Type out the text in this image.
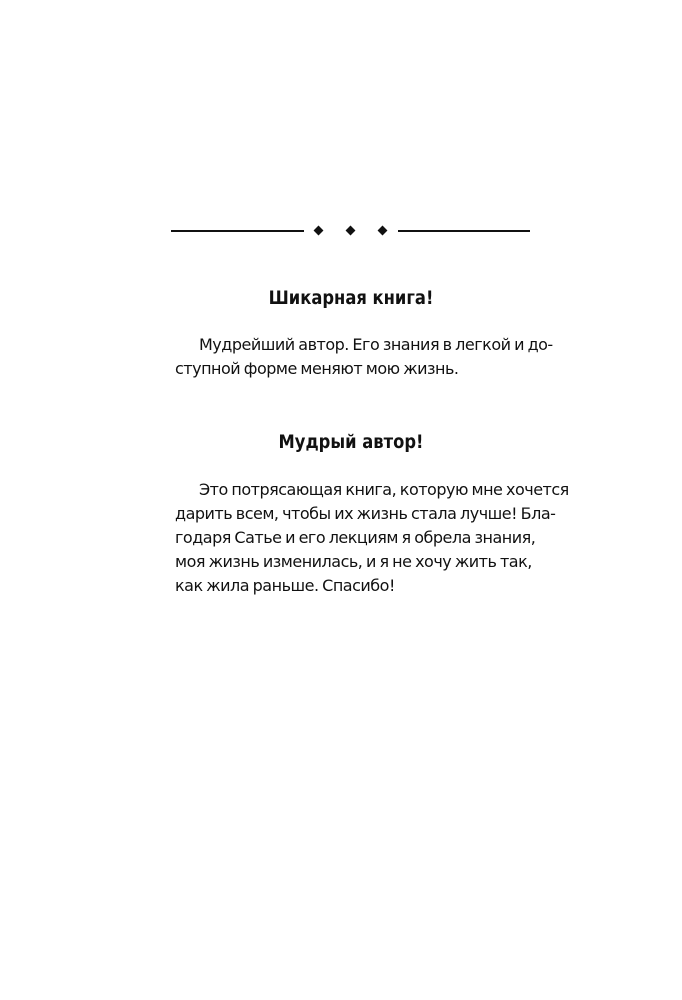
Шикарная книга!

Мудрейший автор. Его знания в легкой и до-
ступной форме меняют мою жизнь.

Мудрый автор!

Это потрясающая книга, которую мне хочется
дарить всем, чтобы их жизнь стала лучше! Бла-
годаря Сатье и его лекциям я обрела знания,
моя жизнь изменилась, и я не хочу жить так,
как жила раньше. Спасибо!
